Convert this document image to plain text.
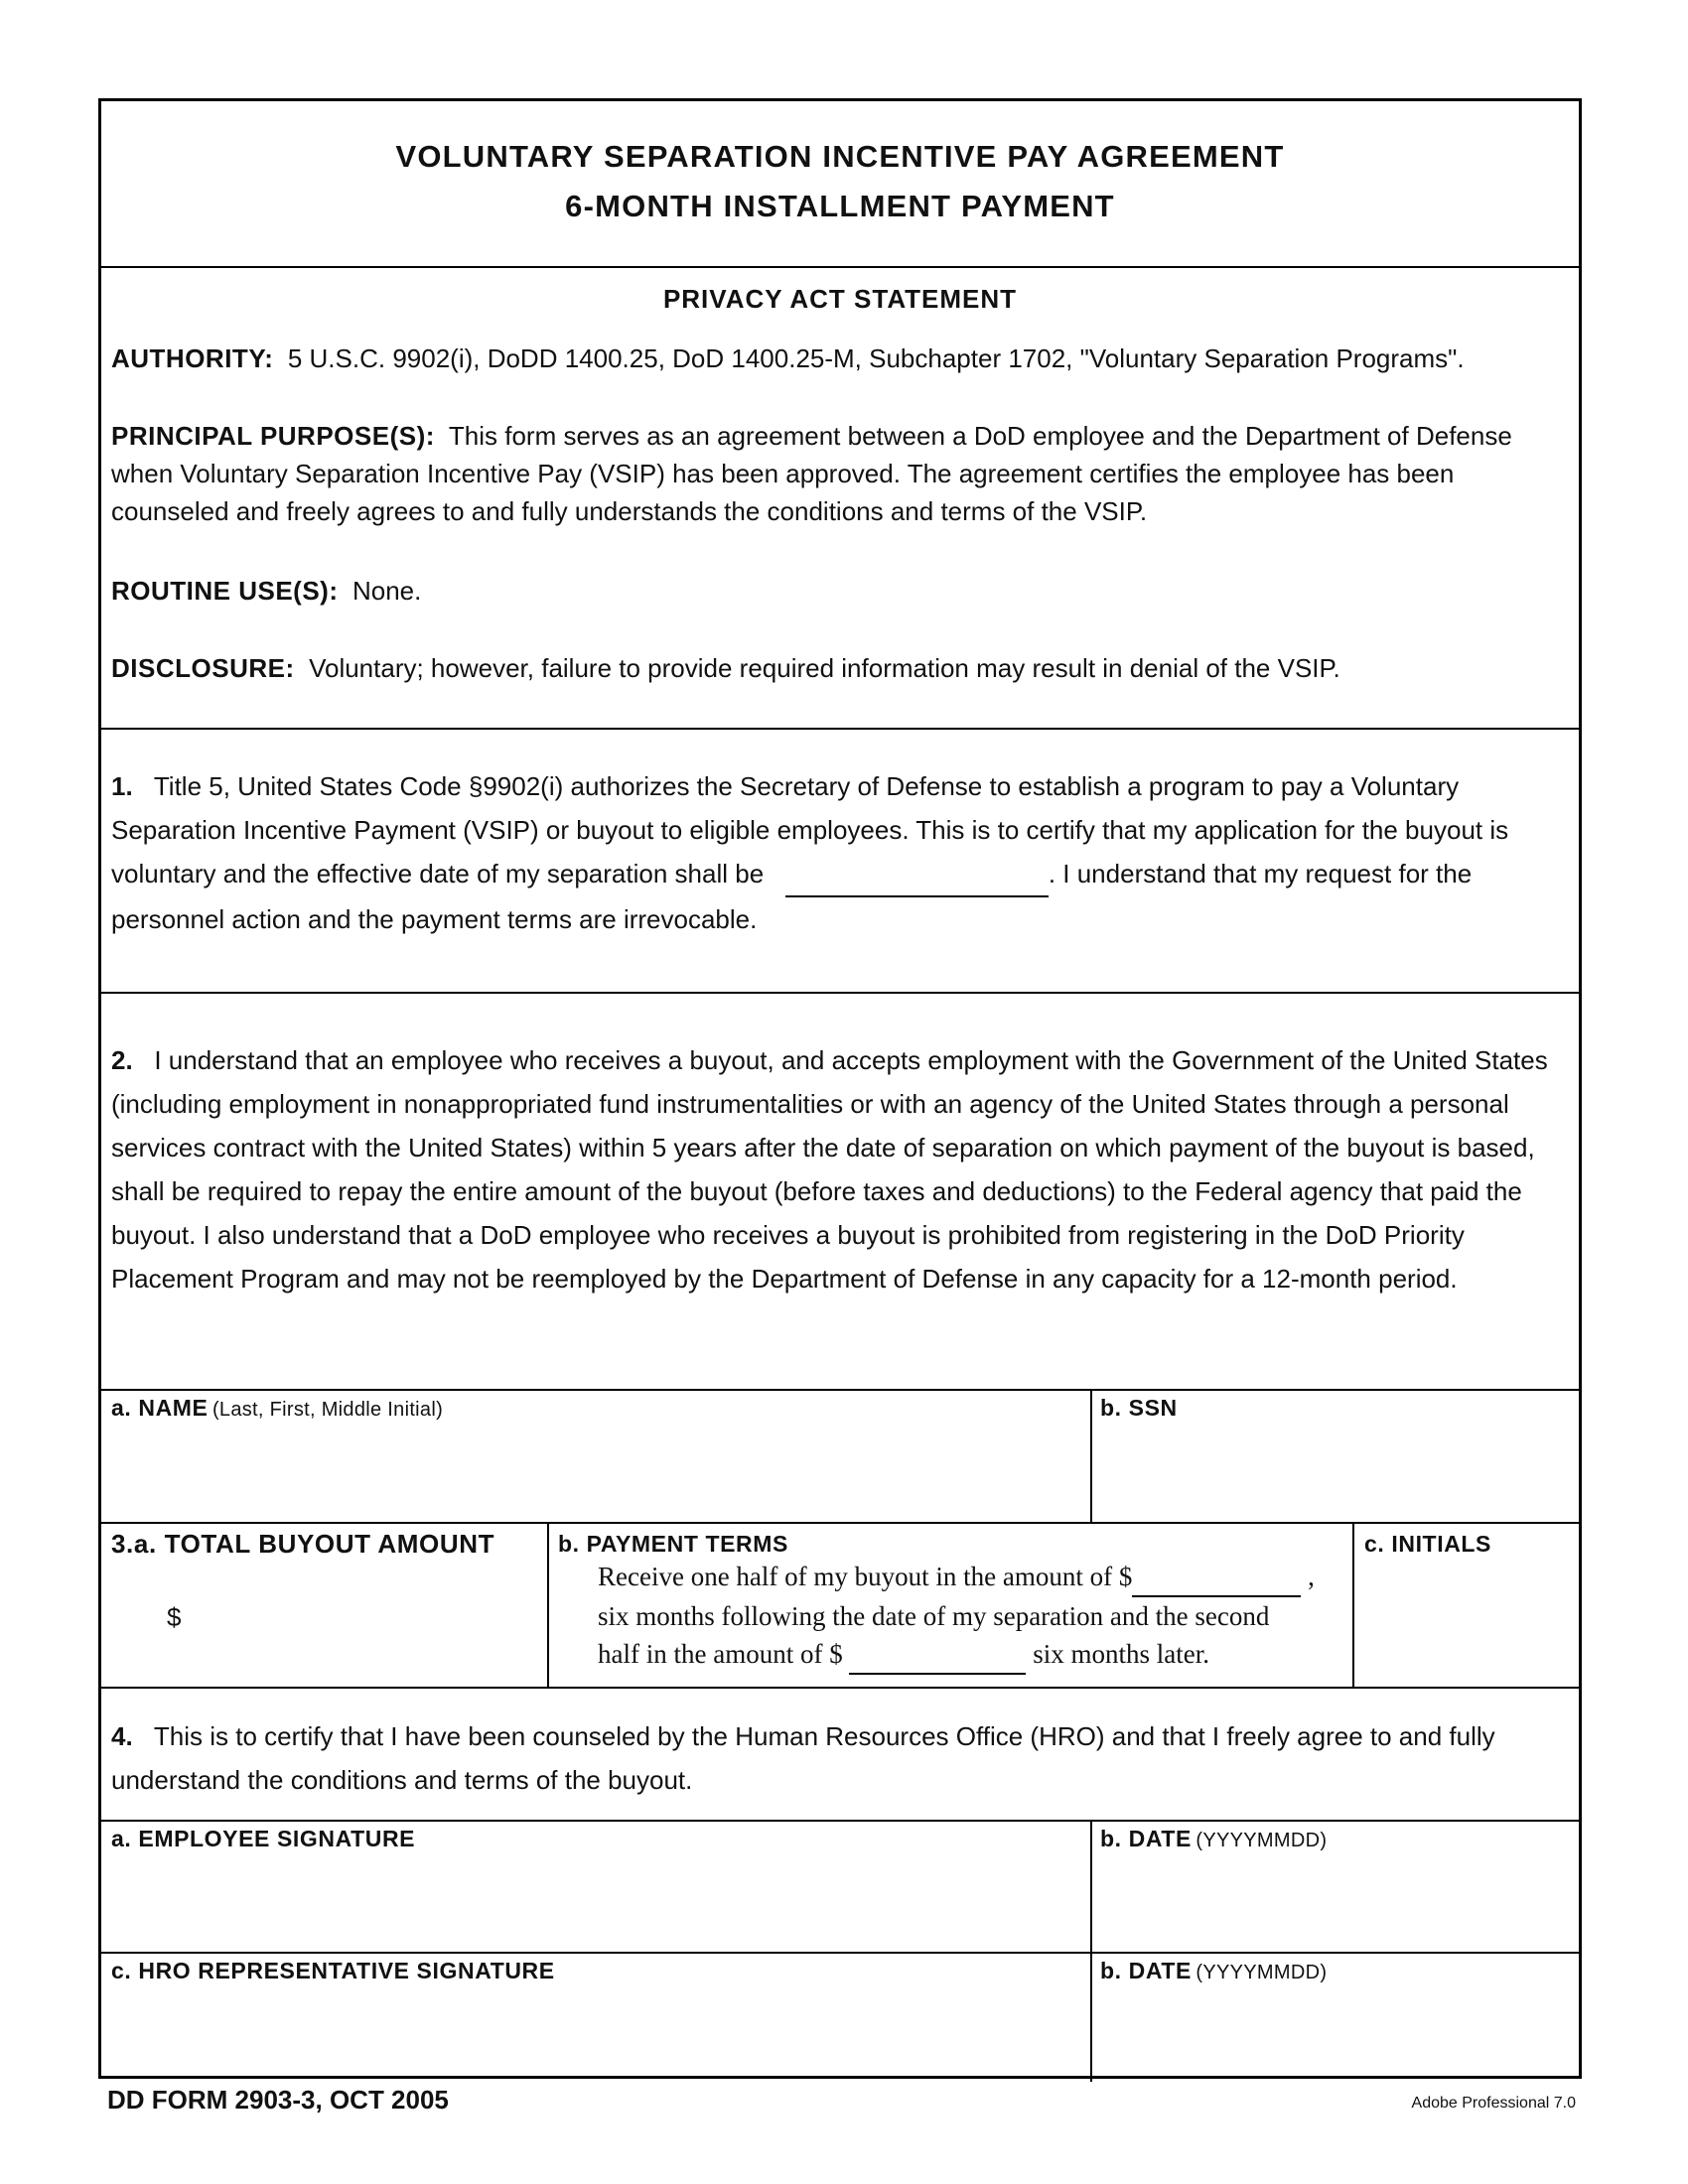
VOLUNTARY SEPARATION INCENTIVE PAY AGREEMENT
6-MONTH INSTALLMENT PAYMENT
PRIVACY ACT STATEMENT
AUTHORITY: 5 U.S.C. 9902(i), DoDD 1400.25, DoD 1400.25-M, Subchapter 1702, "Voluntary Separation Programs".
PRINCIPAL PURPOSE(S): This form serves as an agreement between a DoD employee and the Department of Defense when Voluntary Separation Incentive Pay (VSIP) has been approved. The agreement certifies the employee has been counseled and freely agrees to and fully understands the conditions and terms of the VSIP.
ROUTINE USE(S): None.
DISCLOSURE: Voluntary; however, failure to provide required information may result in denial of the VSIP.
1. Title 5, United States Code §9902(i) authorizes the Secretary of Defense to establish a program to pay a Voluntary Separation Incentive Payment (VSIP) or buyout to eligible employees. This is to certify that my application for the buyout is voluntary and the effective date of my separation shall be	. I understand that my request for the personnel action and the payment terms are irrevocable.
2. I understand that an employee who receives a buyout, and accepts employment with the Government of the United States (including employment in nonappropriated fund instrumentalities or with an agency of the United States through a personal services contract with the United States) within 5 years after the date of separation on which payment of the buyout is based, shall be required to repay the entire amount of the buyout (before taxes and deductions) to the Federal agency that paid the buyout. I also understand that a DoD employee who receives a buyout is prohibited from registering in the DoD Priority Placement Program and may not be reemployed by the Department of Defense in any capacity for a 12-month period.
a. NAME (Last, First, Middle Initial)	b. SSN
3.a. TOTAL BUYOUT AMOUNT
$
b. PAYMENT TERMS
Receive one half of my buyout in the amount of $	,
six months following the date of my separation and the second
half in the amount of $	six months later.
c. INITIALS
4. This is to certify that I have been counseled by the Human Resources Office (HRO) and that I freely agree to and fully understand the conditions and terms of the buyout.
a. EMPLOYEE SIGNATURE	b. DATE (YYYYMMDD)
c. HRO REPRESENTATIVE SIGNATURE	b. DATE (YYYYMMDD)
DD FORM 2903-3, OCT 2005	Adobe Professional 7.0
